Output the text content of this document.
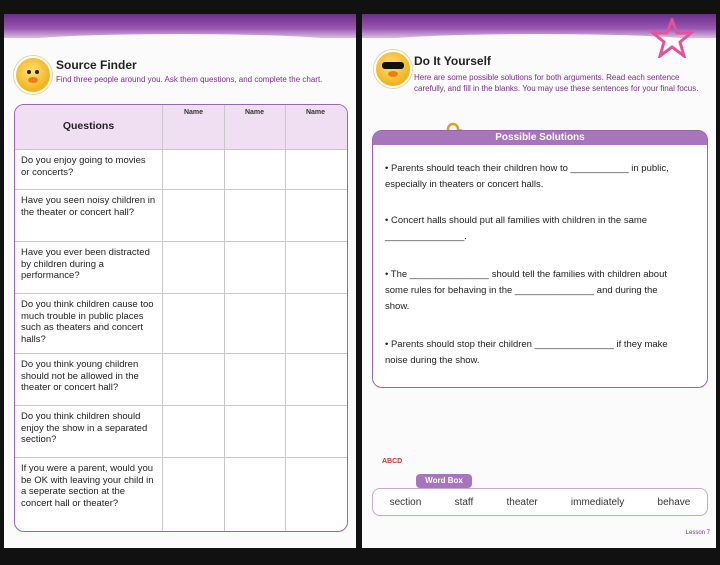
Source Finder
Find three people around you. Ask them questions, and complete the chart.
Questions
Name	Name	Name
Do you enjoy going to movies or concerts?
Have you seen noisy children in the theater or concert hall?
Have you ever been distracted by children during a performance?
Do you think children cause too much trouble in public places such as theaters and concert halls?
Do you think young children should not be allowed in the theater or concert hall?
Do you think children should enjoy the show in a separated section?
If you were a parent, would you be OK with leaving your child in a seperate section at the concert hall or theater?
Do It Yourself
Here are some possible solutions for both arguments. Read each sentence carefully, and fill in the blanks. You may use these sentences for your final focus.
Possible Solutions
• Parents should teach their children how to ___________ in public,
especially in theaters or concert halls.
• Concert halls should put all families with children in the same
_______________.
• The _______________ should tell the families with children about
some rules for behaving in the _______________ and during the
show.
• Parents should stop their children _______________ if they make
noise during the show.
ABCD
Word Box
section	staff	theater	immediately	behave
Lesson 7
